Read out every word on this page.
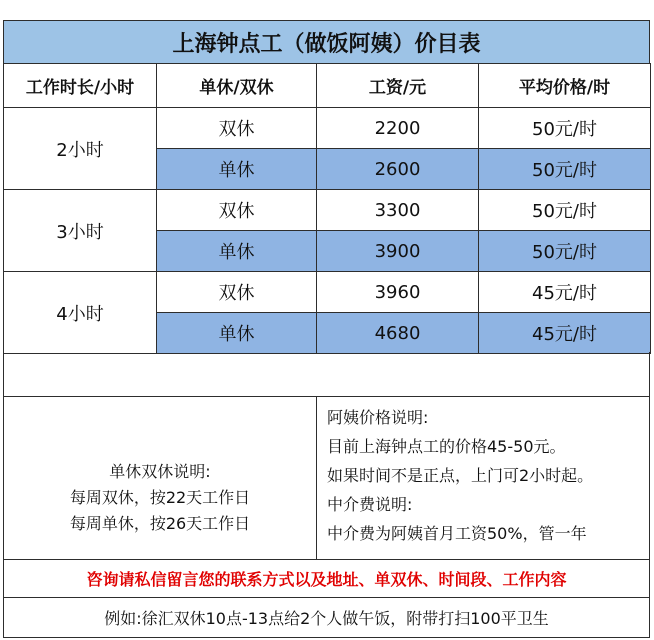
上海钟点工（做饭阿姨）价目表
工作时长/小时	单休/双休	工资/元	平均价格/时
2小时	双休	2200	50元/时
	单休	2600	50元/时
3小时	双休	3300	50元/时
	单休	3900	50元/时
4小时	双休	3960	45元/时
	单休	4680	45元/时
单休双休说明:
每周双休，按22天工作日
每周单休，按26天工作日
阿姨价格说明:
目前上海钟点工的价格45-50元。
如果时间不是正点，上门可2小时起。
中介费说明:
中介费为阿姨首月工资50%，管一年
咨询请私信留言您的联系方式以及地址、单双休、时间段、工作内容
例如:徐汇双休10点-13点给2个人做午饭，附带打扫100平卫生
